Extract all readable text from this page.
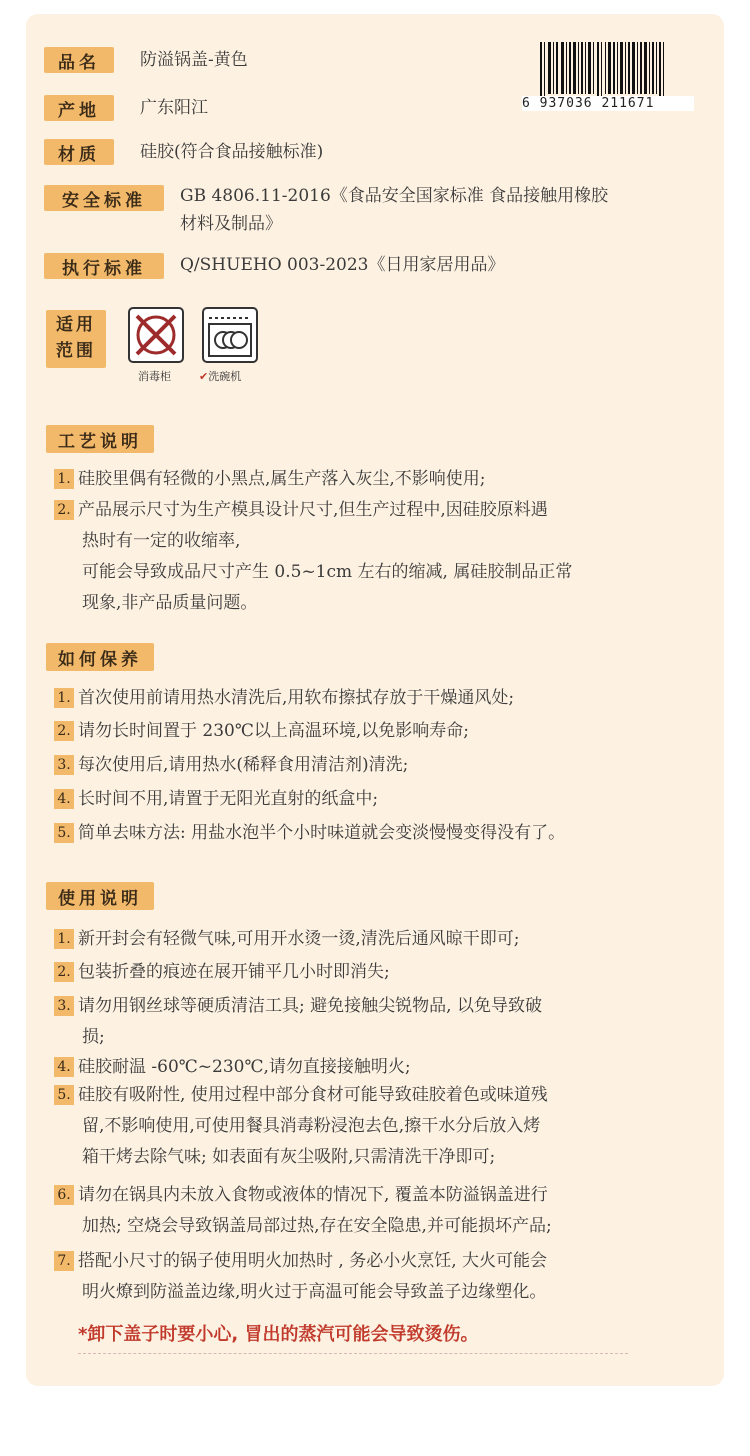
品名	防溢锅盖-黄色
产地	广东阳江
材质	硅胶(符合食品接触标准)
安全标准	GB 4806.11-2016《食品安全国家标准 食品接触用橡胶
材料及制品》
执行标准	Q/SHUEHO 003-2023《日用家居用品》
6 937036 211671
适用
范围
消毒柜	✔洗碗机
工艺说明
1. 硅胶里偶有轻微的小黑点,属生产落入灰尘,不影响使用;
2. 产品展示尺寸为生产模具设计尺寸,但生产过程中,因硅胶原料遇
热时有一定的收缩率,
可能会导致成品尺寸产生 0.5~1cm 左右的缩减, 属硅胶制品正常
现象,非产品质量问题。
如何保养
1. 首次使用前请用热水清洗后,用软布擦拭存放于干燥通风处;
2. 请勿长时间置于 230℃以上高温环境,以免影响寿命;
3. 每次使用后,请用热水(稀释食用清洁剂)清洗;
4. 长时间不用,请置于无阳光直射的纸盒中;
5. 简单去味方法: 用盐水泡半个小时味道就会变淡慢慢变得没有了。
使用说明
1. 新开封会有轻微气味,可用开水烫一烫,清洗后通风晾干即可;
2. 包装折叠的痕迹在展开铺平几小时即消失;
3. 请勿用钢丝球等硬质清洁工具; 避免接触尖锐物品, 以免导致破
损;
4. 硅胶耐温 -60℃~230℃,请勿直接接触明火;
5. 硅胶有吸附性, 使用过程中部分食材可能导致硅胶着色或味道残
留,不影响使用,可使用餐具消毒粉浸泡去色,擦干水分后放入烤
箱干烤去除气味; 如表面有灰尘吸附,只需清洗干净即可;
6. 请勿在锅具内未放入食物或液体的情况下, 覆盖本防溢锅盖进行
加热; 空烧会导致锅盖局部过热,存在安全隐患,并可能损坏产品;
7. 搭配小尺寸的锅子使用明火加热时 , 务必小火烹饪, 大火可能会
明火燎到防溢盖边缘,明火过于高温可能会导致盖子边缘塑化。
*卸下盖子时要小心, 冒出的蒸汽可能会导致烫伤。
